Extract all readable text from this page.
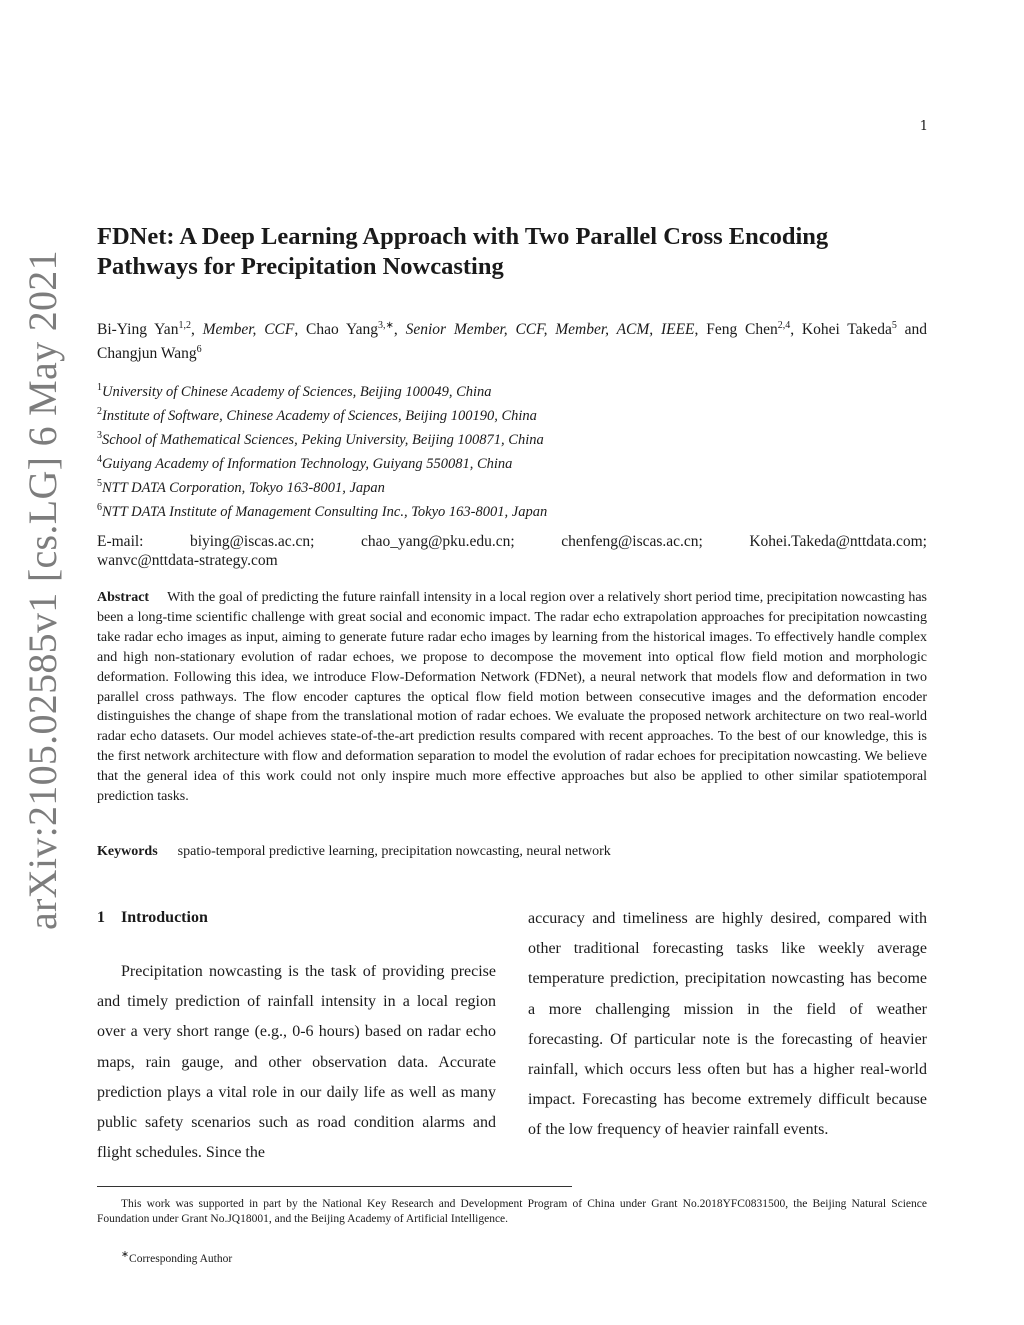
arXiv:2105.02585v1 [cs.LG] 6 May 2021
1
FDNet: A Deep Learning Approach with Two Parallel Cross Encoding Pathways for Precipitation Nowcasting
Bi-Ying Yan$^{1,2}$, Member, CCF, Chao Yang$^{3,∗}$, Senior Member, CCF, Member, ACM, IEEE, Feng Chen$^{2,4}$, Kohei Takeda$^5$ and Changjun Wang$^6$
$^1$University of Chinese Academy of Sciences, Beijing 100049, China
$^2$Institute of Software, Chinese Academy of Sciences, Beijing 100190, China
$^3$School of Mathematical Sciences, Peking University, Beijing 100871, China
$^4$Guiyang Academy of Information Technology, Guiyang 550081, China
$^5$NTT DATA Corporation, Tokyo 163-8001, Japan
$^6$NTT DATA Institute of Management Consulting Inc., Tokyo 163-8001, Japan
E-mail:	biying@iscas.ac.cn;	chao_yang@pku.edu.cn;	chenfeng@iscas.ac.cn;	Kohei.Takeda@nttdata.com;
wanvc@nttdata-strategy.com
Abstract With the goal of predicting the future rainfall intensity in a local region over a relatively short period time, precipitation nowcasting has been a long-time scientific challenge with great social and economic impact. The radar echo extrapolation approaches for precipitation nowcasting take radar echo images as input, aiming to generate future radar echo images by learning from the historical images. To effectively handle complex and high non-stationary evolution of radar echoes, we propose to decompose the movement into optical flow field motion and morphologic deformation. Following this idea, we introduce Flow-Deformation Network (FDNet), a neural network that models flow and deformation in two parallel cross pathways. The flow encoder captures the optical flow field motion between consecutive images and the deformation encoder distinguishes the change of shape from the translational motion of radar echoes. We evaluate the proposed network architecture on two real-world radar echo datasets. Our model achieves state-of-the-art prediction results compared with recent approaches. To the best of our knowledge, this is the first network architecture with flow and deformation separation to model the evolution of radar echoes for precipitation nowcasting. We believe that the general idea of this work could not only inspire much more effective approaches but also be applied to other similar spatiotemporal prediction tasks.
Keywords spatio-temporal predictive learning, precipitation nowcasting, neural network
1 Introduction
Precipitation nowcasting is the task of providing precise and timely prediction of rainfall intensity in a local region over a very short range (e.g., 0-6 hours) based on radar echo maps, rain gauge, and other observation data. Accurate prediction plays a vital role in our daily life as well as many public safety scenarios such as road condition alarms and flight schedules. Since the
accuracy and timeliness are highly desired, compared with other traditional forecasting tasks like weekly average temperature prediction, precipitation nowcasting has become a more challenging mission in the field of weather forecasting. Of particular note is the forecasting of heavier rainfall, which occurs less often but has a higher real-world impact. Forecasting has become extremely difficult because of the low frequency of heavier rainfall events.
This work was supported in part by the National Key Research and Development Program of China under Grant No.2018YFC0831500, the Beijing Natural Science Foundation under Grant No.JQ18001, and the Beijing Academy of Artificial Intelligence.
∗Corresponding Author
